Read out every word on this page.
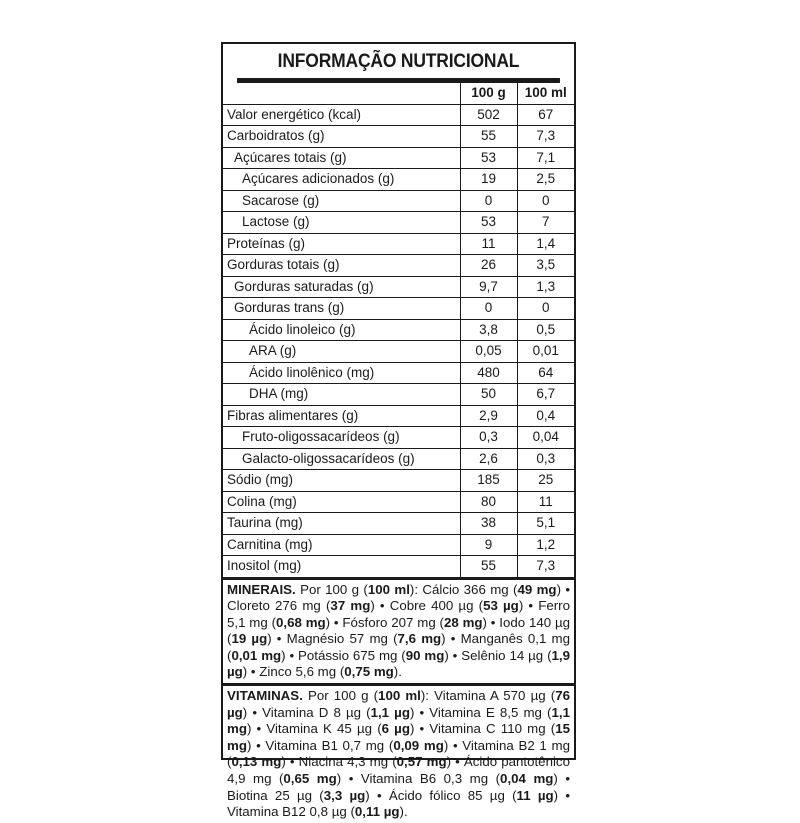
INFORMAÇÃO NUTRICIONAL
	100 g	100 ml
Valor energético (kcal)	502	67
Carboidratos (g)	55	7,3
Açúcares totais (g)	53	7,1
Açúcares adicionados (g)	19	2,5
Sacarose (g)	0	0
Lactose (g)	53	7
Proteínas (g)	11	1,4
Gorduras totais (g)	26	3,5
Gorduras saturadas (g)	9,7	1,3
Gorduras trans (g)	0	0
Ácido linoleico (g)	3,8	0,5
ARA (g)	0,05	0,01
Ácido linolênico (mg)	480	64
DHA (mg)	50	6,7
Fibras alimentares (g)	2,9	0,4
Fruto-oligossacarídeos (g)	0,3	0,04
Galacto-oligossacarídeos (g)	2,6	0,3
Sódio (mg)	185	25
Colina (mg)	80	11
Taurina (mg)	38	5,1
Carnitina (mg)	9	1,2
Inositol (mg)	55	7,3
MINERAIS. Por 100 g (100 ml): Cálcio 366 mg (49 mg) • Cloreto 276 mg (37 mg) • Cobre 400 µg (53 µg) • Ferro 5,1 mg (0,68 mg) • Fósforo 207 mg (28 mg) • Iodo 140 µg (19 µg) • Magnésio 57 mg (7,6 mg) • Manganês 0,1 mg (0,01 mg) • Potássio 675 mg (90 mg) • Selênio 14 µg (1,9 µg) • Zinco 5,6 mg (0,75 mg).
VITAMINAS. Por 100 g (100 ml): Vitamina A 570 µg (76 µg) • Vitamina D 8 µg (1,1 µg) • Vitamina E 8,5 mg (1,1 mg) • Vitamina K 45 µg (6 µg) • Vitamina C 110 mg (15 mg) • Vitamina B1 0,7 mg (0,09 mg) • Vitamina B2 1 mg (0,13 mg) • Niacina 4,3 mg (0,57 mg) • Ácido pantotênico 4,9 mg (0,65 mg) • Vitamina B6 0,3 mg (0,04 mg) • Biotina 25 µg (3,3 µg) • Ácido fólico 85 µg (11 µg) • Vitamina B12 0,8 µg (0,11 µg).
